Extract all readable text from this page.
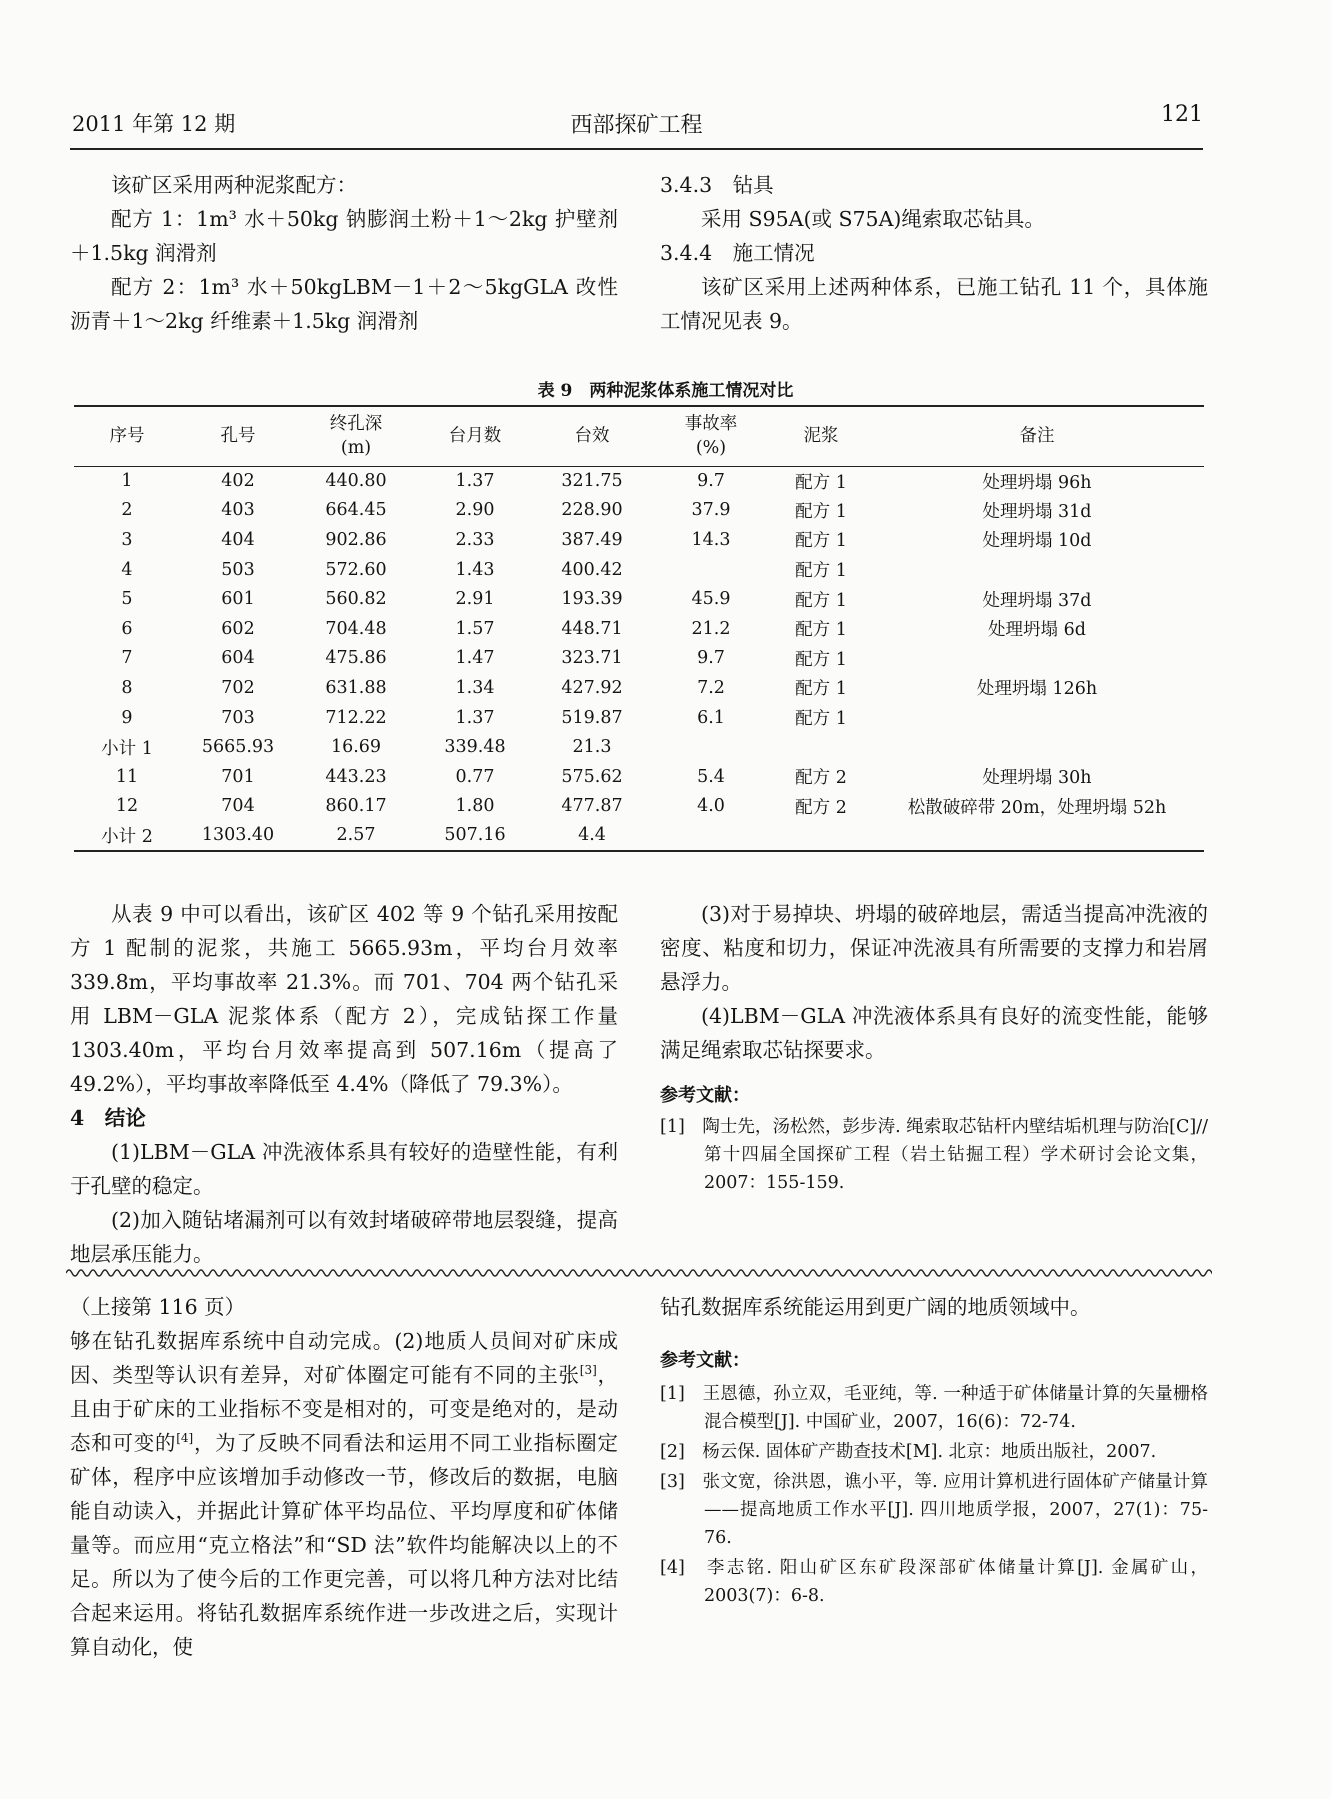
2011 年第 12 期	西部探矿工程	121

该矿区采用两种泥浆配方：

配方 1：1m³ 水＋50kg 钠膨润土粉＋1～2kg 护壁剂＋1.5kg 润滑剂

配方 2：1m³ 水＋50kgLBM－1＋2～5kgGLA 改性沥青＋1～2kg 纤维素＋1.5kg 润滑剂

3.4.3　钻具

采用 S95A(或 S75A)绳索取芯钻具。

3.4.4　施工情况

该矿区采用上述两种体系，已施工钻孔 11 个，具体施工情况见表 9。

表 9　两种泥浆体系施工情况对比
序号	孔号	终孔深
(m)	台月数	台效	事故率
(%)	泥浆	备注
1	402	440.80	1.37	321.75	9.7	配方 1	处理坍塌 96h
2	403	664.45	2.90	228.90	37.9	配方 1	处理坍塌 31d
3	404	902.86	2.33	387.49	14.3	配方 1	处理坍塌 10d
4	503	572.60	1.43	400.42		配方 1	
5	601	560.82	2.91	193.39	45.9	配方 1	处理坍塌 37d
6	602	704.48	1.57	448.71	21.2	配方 1	处理坍塌 6d
7	604	475.86	1.47	323.71	9.7	配方 1	
8	702	631.88	1.34	427.92	7.2	配方 1	处理坍塌 126h
9	703	712.22	1.37	519.87	6.1	配方 1	
小计 1	5665.93	16.69	339.48	21.3			
11	701	443.23	0.77	575.62	5.4	配方 2	处理坍塌 30h
12	704	860.17	1.80	477.87	4.0	配方 2	松散破碎带 20m，处理坍塌 52h
小计 2	1303.40	2.57	507.16	4.4			

从表 9 中可以看出，该矿区 402 等 9 个钻孔采用按配方 1 配制的泥浆，共施工 5665.93m，平均台月效率 339.8m，平均事故率 21.3%。而 701、704 两个钻孔采用 LBM－GLA 泥浆体系（配方 2），完成钻探工作量 1303.40m，平均台月效率提高到 507.16m（提高了 49.2%），平均事故率降低至 4.4%（降低了 79.3%）。

4　结论

(1)LBM－GLA 冲洗液体系具有较好的造壁性能，有利于孔壁的稳定。

(2)加入随钻堵漏剂可以有效封堵破碎带地层裂缝，提高地层承压能力。

(3)对于易掉块、坍塌的破碎地层，需适当提高冲洗液的密度、粘度和切力，保证冲洗液具有所需要的支撑力和岩屑悬浮力。

(4)LBM－GLA 冲洗液体系具有良好的流变性能，能够满足绳索取芯钻探要求。

参考文献：

[1]　陶士先，汤松然，彭步涛. 绳索取芯钻杆内壁结垢机理与防治[C]//第十四届全国探矿工程（岩土钻掘工程）学术研讨会论文集，2007：155-159.

（上接第 116 页）

够在钻孔数据库系统中自动完成。(2)地质人员间对矿床成因、类型等认识有差异，对矿体圈定可能有不同的主张[3]，且由于矿床的工业指标不变是相对的，可变是绝对的，是动态和可变的[4]，为了反映不同看法和运用不同工业指标圈定矿体，程序中应该增加手动修改一节，修改后的数据，电脑能自动读入，并据此计算矿体平均品位、平均厚度和矿体储量等。而应用“克立格法”和“SD 法”软件均能解决以上的不足。所以为了使今后的工作更完善，可以将几种方法对比结合起来运用。将钻孔数据库系统作进一步改进之后，实现计算自动化，使

钻孔数据库系统能运用到更广阔的地质领域中。

参考文献：

[1]　王恩德，孙立双，毛亚纯，等. 一种适于矿体储量计算的矢量栅格混合模型[J]. 中国矿业，2007，16(6)：72-74.

[2]　杨云保. 固体矿产勘查技术[M]. 北京：地质出版社，2007.

[3]　张文宽，徐洪恩，谯小平，等. 应用计算机进行固体矿产储量计算——提高地质工作水平[J]. 四川地质学报，2007，27(1)：75-76.

[4]　李志铭. 阳山矿区东矿段深部矿体储量计算[J]. 金属矿山，2003(7)：6-8.
